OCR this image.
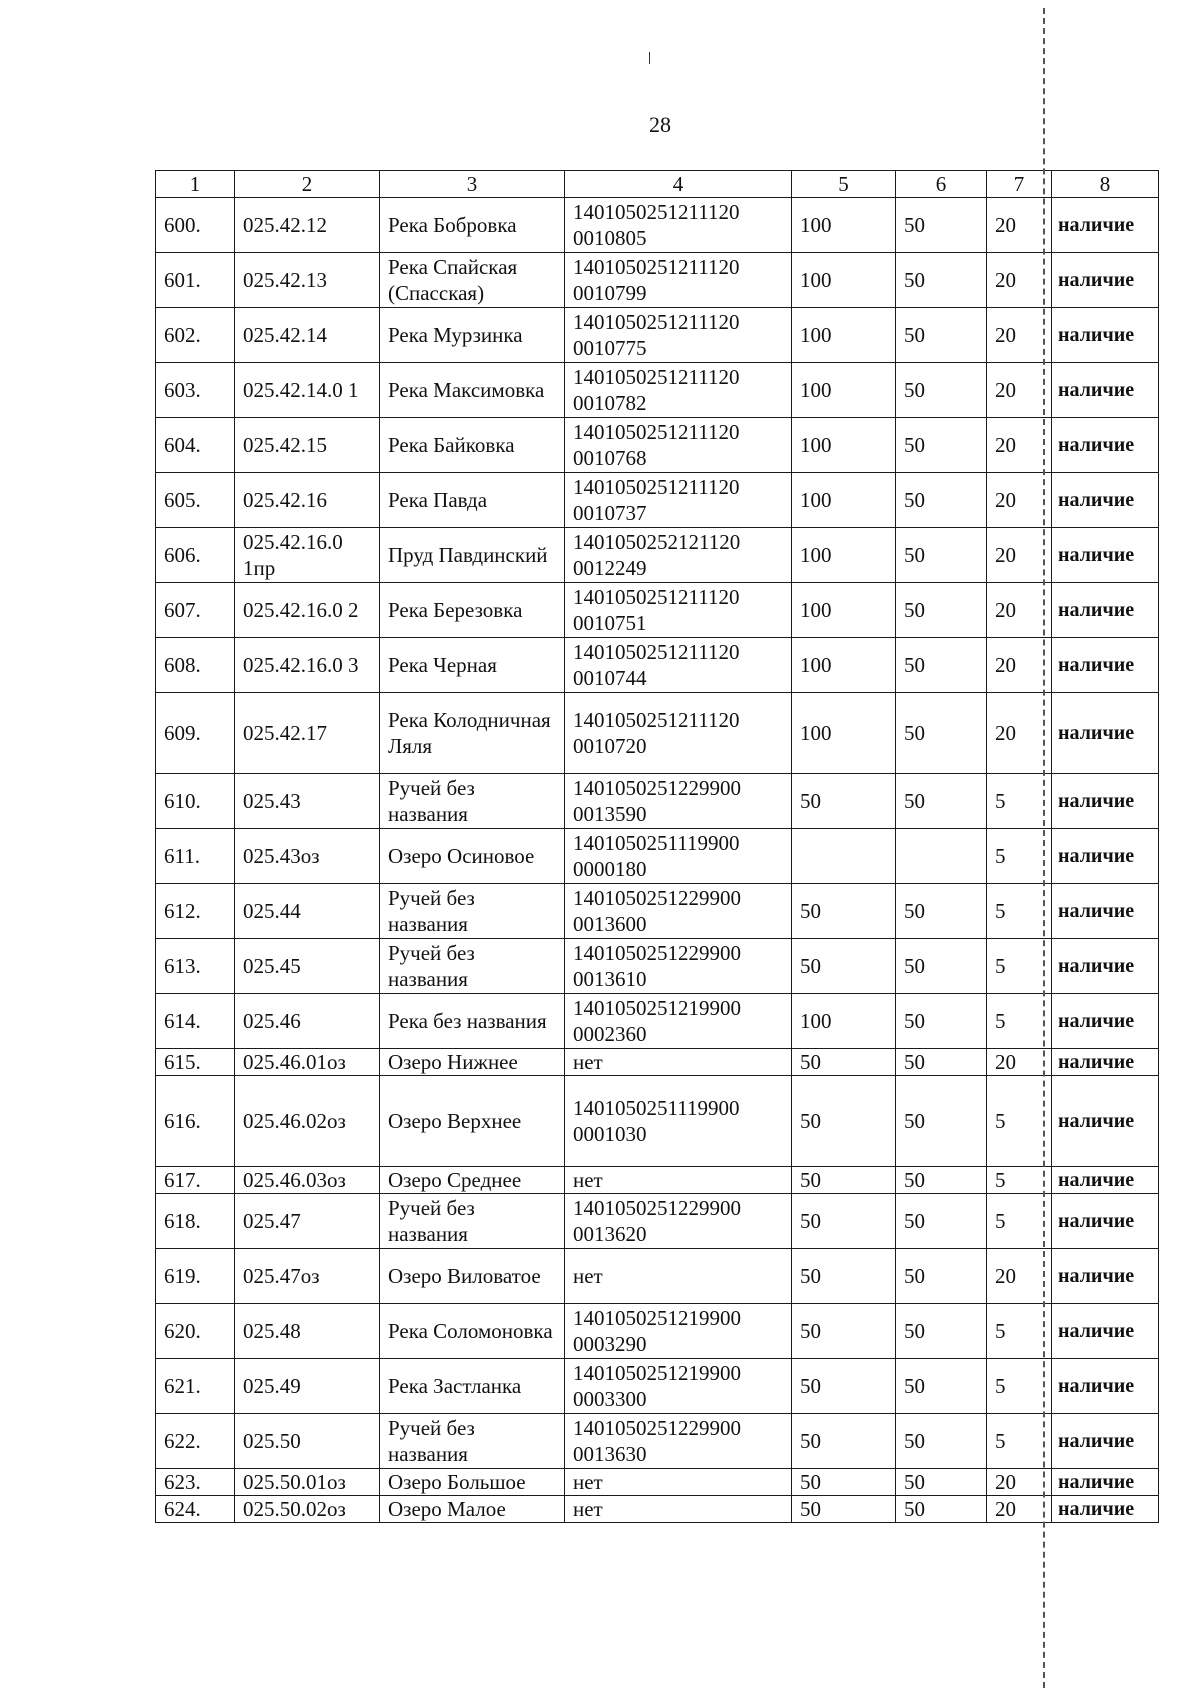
28
1	2	3	4	5	6	7	8
600.	025.42.12	Река Бобровка	1401050251211120 0010805	100	50	20	наличие
601.	025.42.13	Река Спайская (Спасская)	1401050251211120 0010799	100	50	20	наличие
602.	025.42.14	Река Мурзинка	1401050251211120 0010775	100	50	20	наличие
603.	025.42.14.0 1	Река Максимовка	1401050251211120 0010782	100	50	20	наличие
604.	025.42.15	Река Байковка	1401050251211120 0010768	100	50	20	наличие
605.	025.42.16	Река Павда	1401050251211120 0010737	100	50	20	наличие
606.	025.42.16.0 1пр	Пруд Павдинский	1401050252121120 0012249	100	50	20	наличие
607.	025.42.16.0 2	Река Березовка	1401050251211120 0010751	100	50	20	наличие
608.	025.42.16.0 3	Река Черная	1401050251211120 0010744	100	50	20	наличие
609.	025.42.17	Река Колодничная Ляля	1401050251211120 0010720	100	50	20	наличие
610.	025.43	Ручей без названия	1401050251229900 0013590	50	50	5	наличие
611.	025.43оз	Озеро Осиновое	1401050251119900 0000180			5	наличие
612.	025.44	Ручей без названия	1401050251229900 0013600	50	50	5	наличие
613.	025.45	Ручей без названия	1401050251229900 0013610	50	50	5	наличие
614.	025.46	Река без названия	1401050251219900 0002360	100	50	5	наличие
615.	025.46.01оз	Озеро Нижнее	нет	50	50	20	наличие
616.	025.46.02оз	Озеро Верхнее	1401050251119900 0001030	50	50	5	наличие
617.	025.46.03оз	Озеро Среднее	нет	50	50	5	наличие
618.	025.47	Ручей без названия	1401050251229900 0013620	50	50	5	наличие
619.	025.47оз	Озеро Виловатое	нет	50	50	20	наличие
620.	025.48	Река Соломоновка	1401050251219900 0003290	50	50	5	наличие
621.	025.49	Река Застланка	1401050251219900 0003300	50	50	5	наличие
622.	025.50	Ручей без названия	1401050251229900 0013630	50	50	5	наличие
623.	025.50.01оз	Озеро Большое	нет	50	50	20	наличие
624.	025.50.02оз	Озеро Малое	нет	50	50	20	наличие
